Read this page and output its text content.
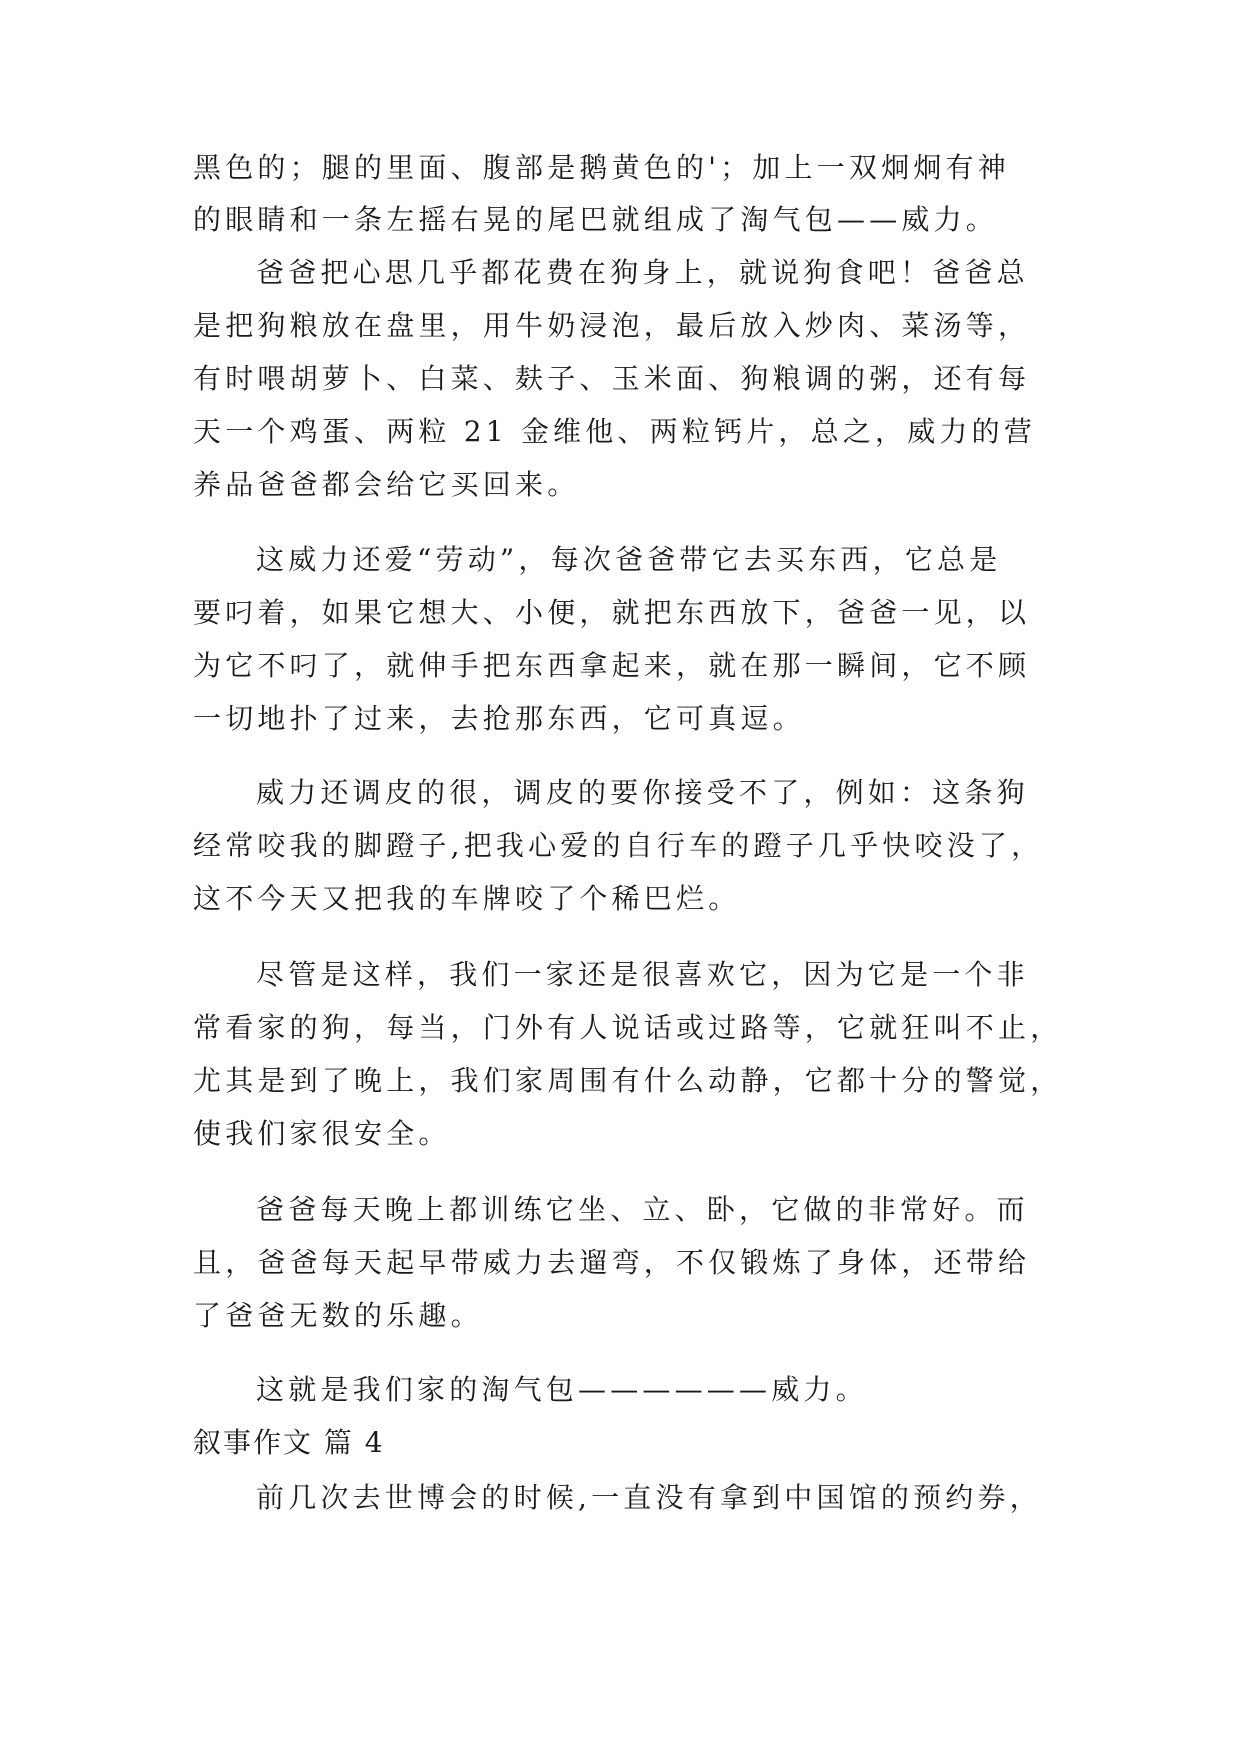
黑色的；腿的里面、腹部是鹅黄色的'；加上一双炯炯有神
的眼睛和一条左摇右晃的尾巴就组成了淘气包——威力。
爸爸把心思几乎都花费在狗身上，就说狗食吧！爸爸总
是把狗粮放在盘里，用牛奶浸泡，最后放入炒肉、菜汤等，
有时喂胡萝卜、白菜、麸子、玉米面、狗粮调的粥，还有每
天一个鸡蛋、两粒 21 金维他、两粒钙片，总之，威力的营
养品爸爸都会给它买回来。
这威力还爱“劳动”，每次爸爸带它去买东西，它总是
要叼着，如果它想大、小便，就把东西放下，爸爸一见，以
为它不叼了，就伸手把东西拿起来，就在那一瞬间，它不顾
一切地扑了过来，去抢那东西，它可真逗。
威力还调皮的很，调皮的要你接受不了，例如：这条狗
经常咬我的脚蹬子,把我心爱的自行车的蹬子几乎快咬没了，
这不今天又把我的车牌咬了个稀巴烂。
尽管是这样，我们一家还是很喜欢它，因为它是一个非
常看家的狗，每当，门外有人说话或过路等，它就狂叫不止，
尤其是到了晚上，我们家周围有什么动静，它都十分的警觉，
使我们家很安全。
爸爸每天晚上都训练它坐、立、卧，它做的非常好。而
且，爸爸每天起早带威力去遛弯，不仅锻炼了身体，还带给
了爸爸无数的乐趣。
这就是我们家的淘气包——————威力。
叙事作文 篇 4
前几次去世博会的时候,一直没有拿到中国馆的预约券，
